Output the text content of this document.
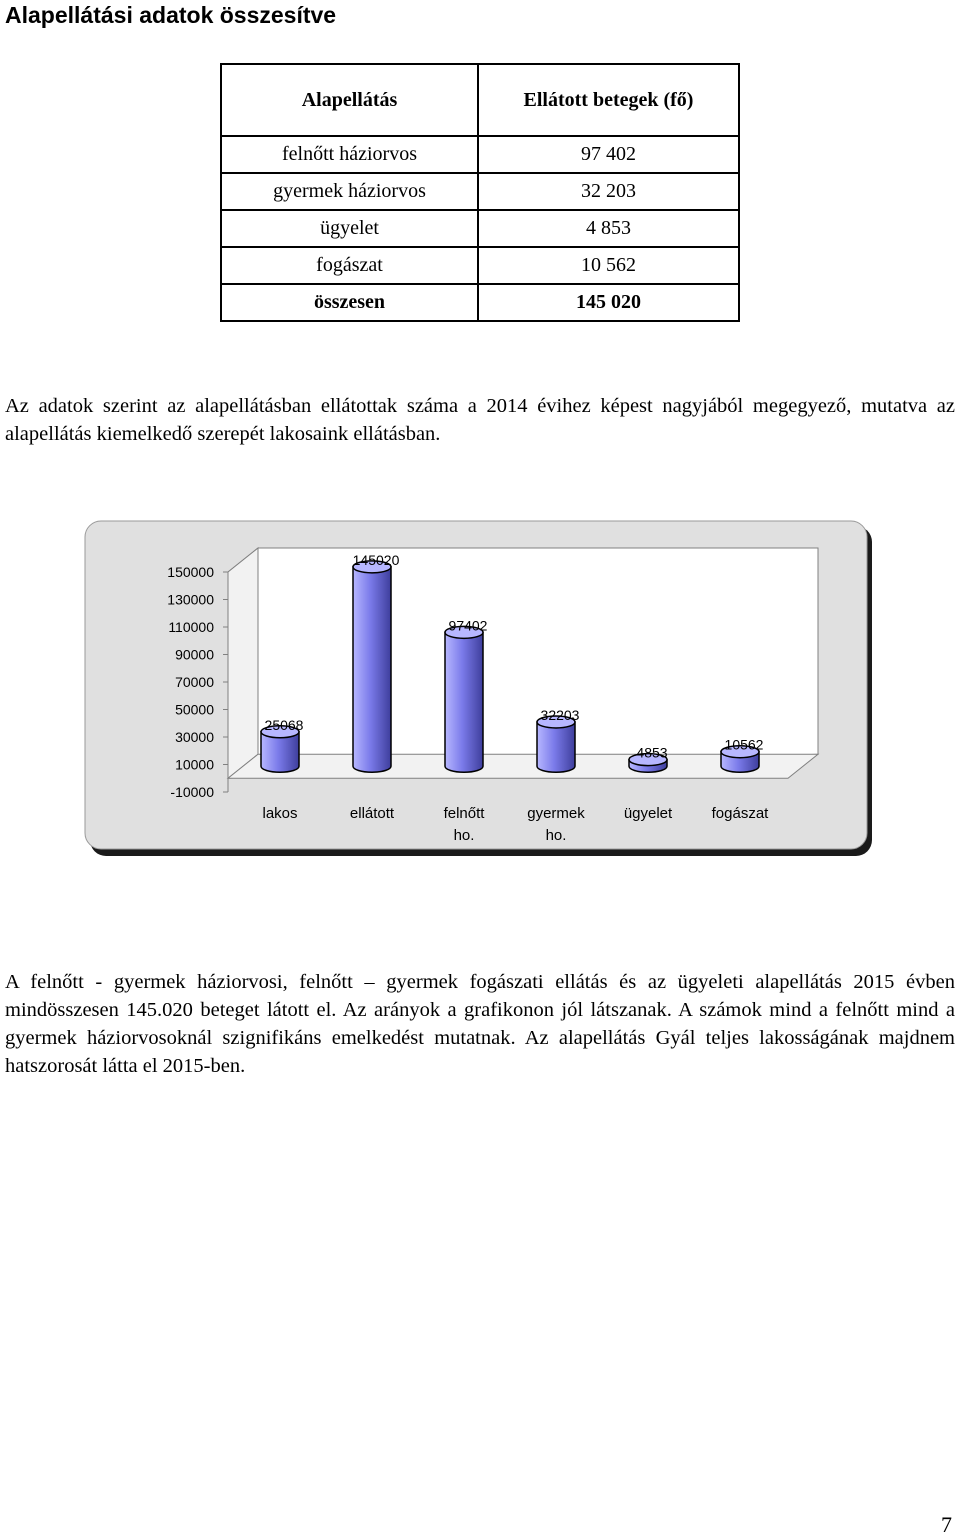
Alapellátási adatok összesítve
Alapellátás	Ellátott betegek (fő)
felnőtt háziorvos	97 402
gyermek háziorvos	32 203
ügyelet	4 853
fogászat	10 562
összesen	145 020

Az adatok szerint az alapellátásban ellátottak száma a 2014 évihez képest nagyjából megegyező, mutatva az alapellátás kiemelkedő szerepét lakosaink ellátásban.

150000
130000
110000
90000
70000
50000
30000
10000
-10000
25068
145020
97402
32203
4853	10562
lakos	ellátott	felnőtt
ho.
gyermek
ho.
ügyelet	fogászat

A felnőtt - gyermek háziorvosi, felnőtt – gyermek fogászati ellátás és az ügyeleti alapellátás 2015 évben mindösszesen 145.020 beteget látott el. Az arányok a grafikonon jól látszanak. A számok mind a felnőtt mind a gyermek háziorvosoknál szignifikáns emelkedést mutatnak. Az alapellátás Gyál teljes lakosságának majdnem hatszorosát látta el 2015-ben.

7
